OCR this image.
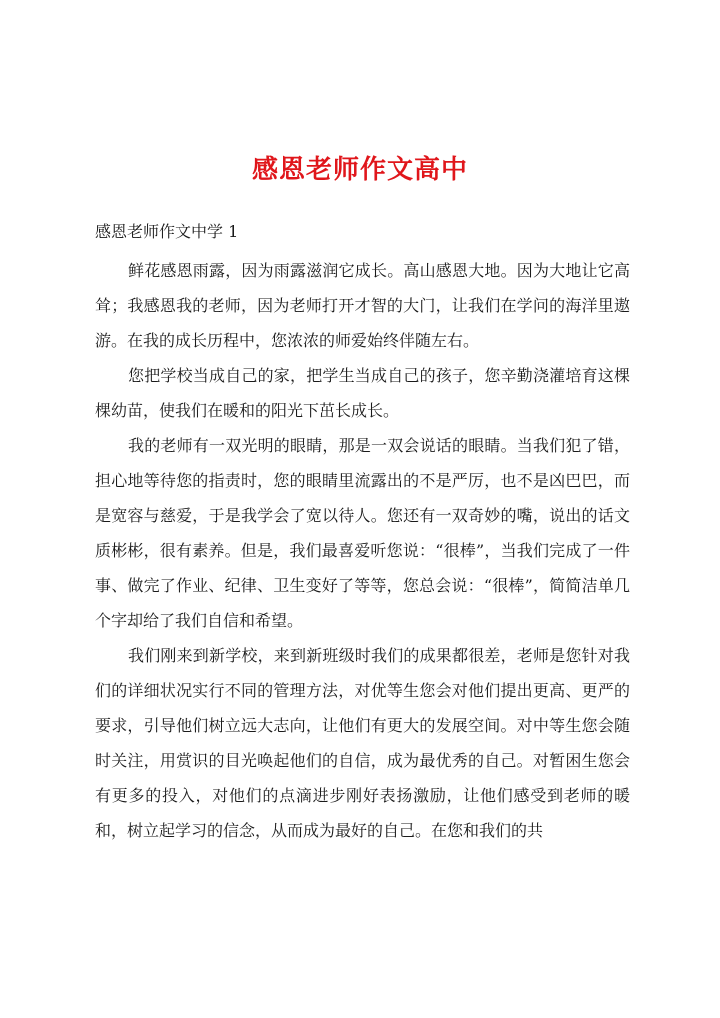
感恩老师作文高中
感恩老师作文中学 1

鲜花感恩雨露，因为雨露滋润它成长。高山感恩大地。因为大地让它高耸；我感恩我的老师，因为老师打开才智的大门，让我们在学问的海洋里遨游。在我的成长历程中，您浓浓的师爱始终伴随左右。

您把学校当成自己的家，把学生当成自己的孩子，您辛勤浇灌培育这棵棵幼苗，使我们在暖和的阳光下茁长成长。

我的老师有一双光明的眼睛，那是一双会说话的眼睛。当我们犯了错，担心地等待您的指责时，您的眼睛里流露出的不是严厉，也不是凶巴巴，而是宽容与慈爱，于是我学会了宽以待人。您还有一双奇妙的嘴，说出的话文质彬彬，很有素养。但是，我们最喜爱听您说：“很棒”，当我们完成了一件事、做完了作业、纪律、卫生变好了等等，您总会说：“很棒”，简简洁单几个字却给了我们自信和希望。

我们刚来到新学校，来到新班级时我们的成果都很差，老师是您针对我们的详细状况实行不同的管理方法，对优等生您会对他们提出更高、更严的要求，引导他们树立远大志向，让他们有更大的发展空间。对中等生您会随时关注，用赏识的目光唤起他们的自信，成为最优秀的自己。对暂困生您会有更多的投入，对他们的点滴进步刚好表扬激励，让他们感受到老师的暖和，树立起学习的信念，从而成为最好的自己。在您和我们的共
